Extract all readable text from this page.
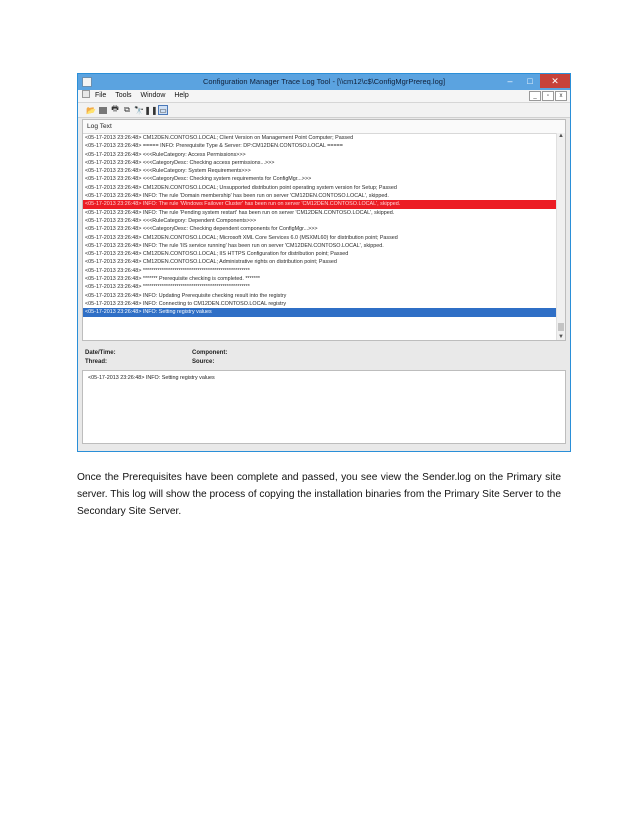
Configuration Manager Trace Log Tool - [\\cm12\c$\ConfigMgrPrereq.log]	–	□	✕
File Tools Window Help	_	▫	x
📂 🖶 ⧉ 🔭 ❚❚ ▭
Log Text
<05-17-2013 23:26:48> CM12DEN.CONTOSO.LOCAL; Client Version on Management Point Computer; Passed
<05-17-2013 23:26:48> ===== INFO: Prerequisite Type & Server: DP:CM12DEN.CONTOSO.LOCAL =====
<05-17-2013 23:26:48> <<<RuleCategory: Access Permissions>>>
<05-17-2013 23:26:48> <<<CategoryDesc: Checking access permissions...>>>
<05-17-2013 23:26:48> <<<RuleCategory: System Requirements>>>
<05-17-2013 23:26:48> <<<CategoryDesc: Checking system requirements for ConfigMgr...>>>
<05-17-2013 23:26:48> CM12DEN.CONTOSO.LOCAL; Unsupported distribution point operating system version for Setup; Passed
<05-17-2013 23:26:48> INFO: The rule 'Domain membership' has been run on server 'CM12DEN.CONTOSO.LOCAL', skipped.
<05-17-2013 23:26:48> INFO: The rule 'Windows Failover Cluster' has been run on server 'CM12DEN.CONTOSO.LOCAL', skipped.
<05-17-2013 23:26:48> INFO: The rule 'Pending system restart' has been run on server 'CM12DEN.CONTOSO.LOCAL', skipped.
<05-17-2013 23:26:48> <<<RuleCategory: Dependent Components>>>
<05-17-2013 23:26:48> <<<CategoryDesc: Checking dependent components for ConfigMgr...>>>
<05-17-2013 23:26:48> CM12DEN.CONTOSO.LOCAL; Microsoft XML Core Services 6.0 (MSXML60) for distribution point; Passed
<05-17-2013 23:26:48> INFO: The rule 'IIS service running' has been run on server 'CM12DEN.CONTOSO.LOCAL', skipped.
<05-17-2013 23:26:48> CM12DEN.CONTOSO.LOCAL; IIS HTTPS Configuration for distribution point; Passed
<05-17-2013 23:26:48> CM12DEN.CONTOSO.LOCAL; Administrative rights on distribution point; Passed
<05-17-2013 23:26:48> ***************************************************
<05-17-2013 23:26:48> ******* Prerequisite checking is completed. *******
<05-17-2013 23:26:48> ***************************************************
<05-17-2013 23:26:48> INFO: Updating Prerequisite checking result into the registry
<05-17-2013 23:26:48> INFO: Connecting to CM12DEN.CONTOSO.LOCAL registry
<05-17-2013 23:26:48> INFO: Setting registry values
▲
▼
Date/Time:
Thread:
Component:
Source:
<05-17-2013 23:26:48> INFO: Setting registry values

Once the Prerequisites have been complete and passed, you see view the Sender.log on the Primary site server. This log will show the process of copying the installation binaries from the Primary Site Server to the Secondary Site Server.
